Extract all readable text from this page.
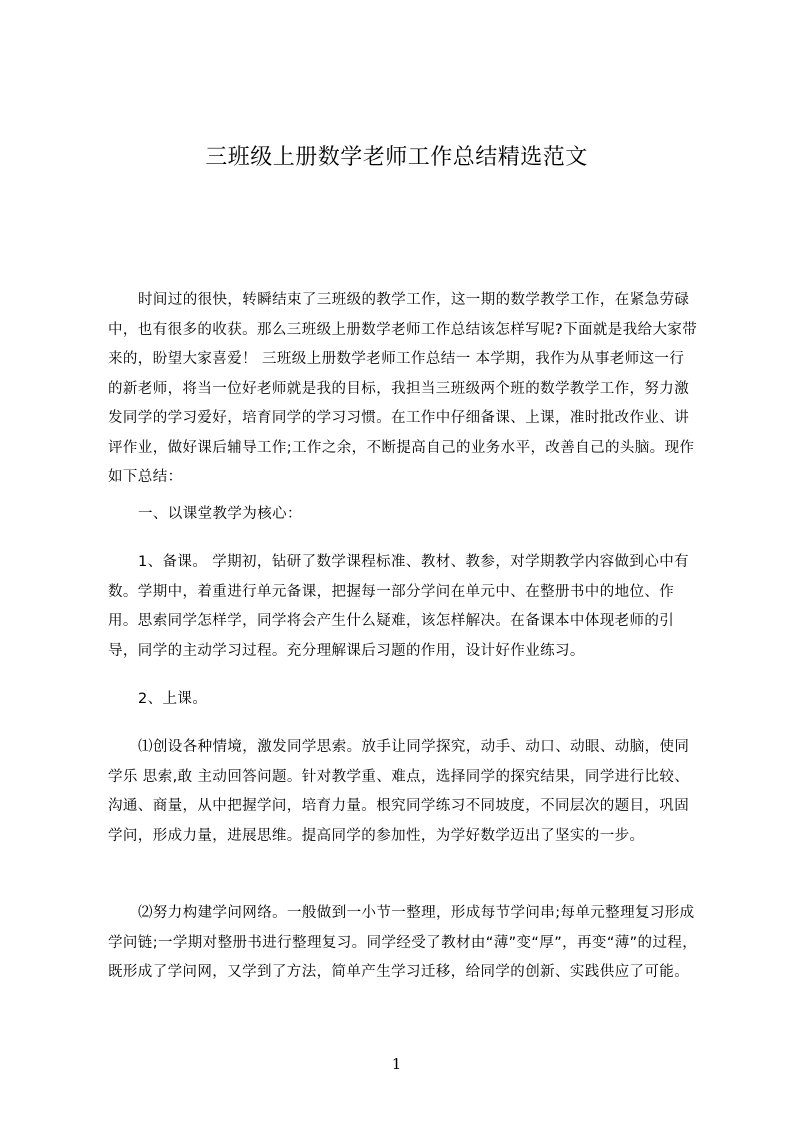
三班级上册数学老师工作总结精选范文
时间过的很快，转瞬结束了三班级的教学工作，这一期的数学教学工作，在紧急劳碌中，也有很多的收获。那么三班级上册数学老师工作总结该怎样写呢?下面就是我给大家带来的，盼望大家喜爱！ 三班级上册数学老师工作总结一 本学期，我作为从事老师这一行的新老师，将当一位好老师就是我的目标，我担当三班级两个班的数学教学工作，努力激发同学的学习爱好，培育同学的学习习惯。在工作中仔细备课、上课，准时批改作业、讲评作业，做好课后辅导工作;工作之余，不断提高自己的业务水平，改善自己的头脑。现作如下总结：
一、以课堂教学为核心：
1、备课。 学期初，钻研了数学课程标准、教材、教参，对学期教学内容做到心中有数。学期中，着重进行单元备课，把握每一部分学问在单元中、在整册书中的地位、作用。思索同学怎样学，同学将会产生什么疑难，该怎样解决。在备课本中体现老师的引导，同学的主动学习过程。充分理解课后习题的作用，设计好作业练习。
2、上课。
⑴创设各种情境，激发同学思索。放手让同学探究，动手、动口、动眼、动脑，使同学乐 思索,敢 主动回答问题。针对教学重、难点，选择同学的探究结果，同学进行比较、沟通、商量，从中把握学问，培育力量。根究同学练习不同坡度，不同层次的题目，巩固学问，形成力量，进展思维。提高同学的参加性，为学好数学迈出了坚实的一步。
⑵努力构建学问网络。一般做到一小节一整理，形成每节学问串;每单元整理复习形成学问链;一学期对整册书进行整理复习。同学经受了教材由“薄”变“厚”，再变“薄”的过程，既形成了学问网，又学到了方法，简单产生学习迁移，给同学的创新、实践供应了可能。
1
